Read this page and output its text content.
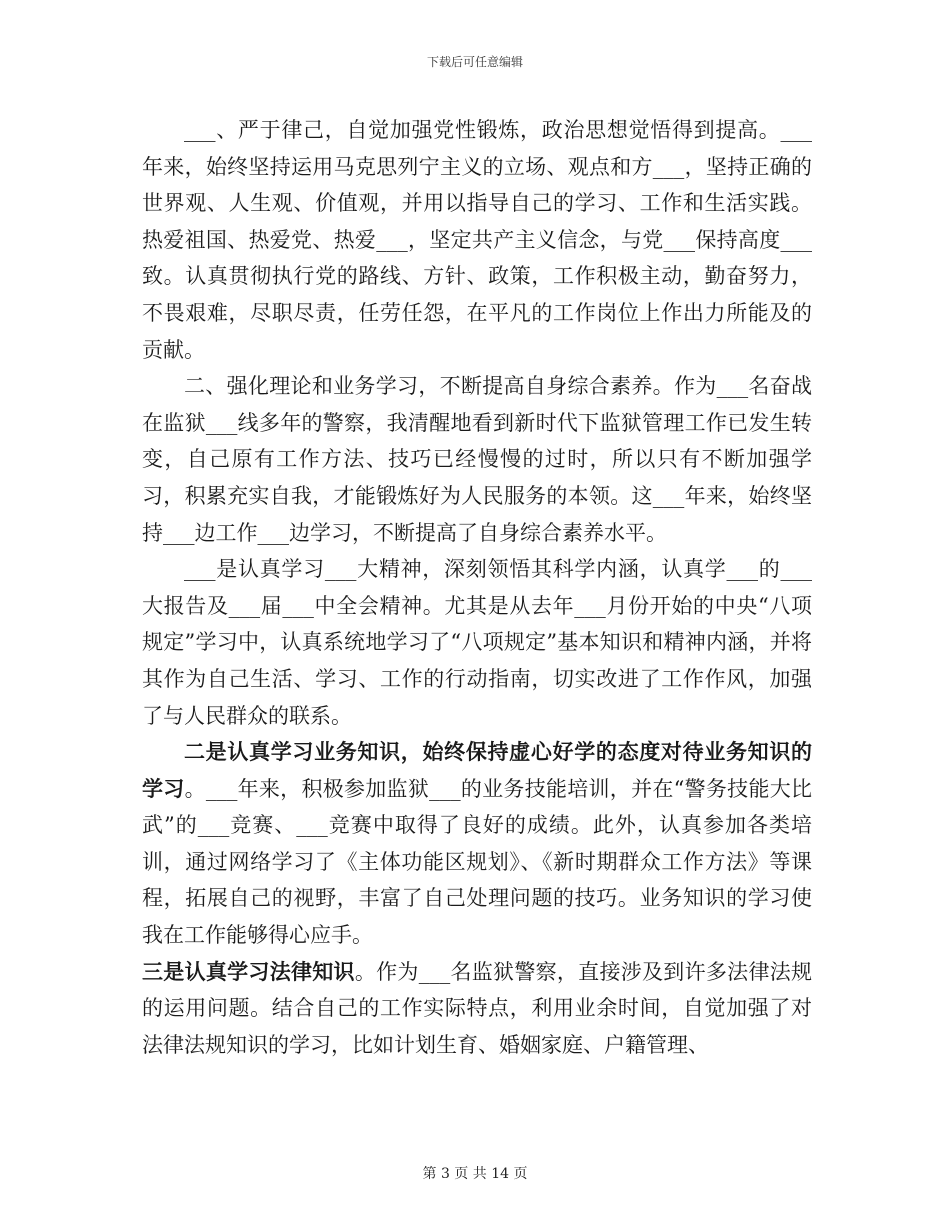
下载后可任意编辑

___、严于律己，自觉加强党性锻炼，政治思想觉悟得到提高。___年来，始终坚持运用马克思列宁主义的立场、观点和方___，坚持正确的世界观、人生观、价值观，并用以指导自己的学习、工作和生活实践。热爱祖国、热爱党、热爱___，坚定共产主义信念，与党___保持高度___致。认真贯彻执行党的路线、方针、政策，工作积极主动，勤奋努力，不畏艰难，尽职尽责，任劳任怨，在平凡的工作岗位上作出力所能及的贡献。

二、强化理论和业务学习，不断提高自身综合素养。作为___名奋战在监狱___线多年的警察，我清醒地看到新时代下监狱管理工作已发生转变，自己原有工作方法、技巧已经慢慢的过时，所以只有不断加强学习，积累充实自我，才能锻炼好为人民服务的本领。这___年来，始终坚持___边工作___边学习，不断提高了自身综合素养水平。

___是认真学习___大精神，深刻领悟其科学内涵，认真学___的___大报告及___届___中全会精神。尤其是从去年___月份开始的中央“八项规定”学习中，认真系统地学习了“八项规定”基本知识和精神内涵，并将其作为自己生活、学习、工作的行动指南，切实改进了工作作风，加强了与人民群众的联系。

二是认真学习业务知识，始终保持虚心好学的态度对待业务知识的学习。___年来，积极参加监狱___的业务技能培训，并在“警务技能大比武”的___竞赛、___竞赛中取得了良好的成绩。此外，认真参加各类培训，通过网络学习了《主体功能区规划》、《新时期群众工作方法》等课程，拓展自己的视野，丰富了自己处理问题的技巧。业务知识的学习使我在工作能够得心应手。

三是认真学习法律知识。作为___名监狱警察，直接涉及到许多法律法规的运用问题。结合自己的工作实际特点，利用业余时间，自觉加强了对法律法规知识的学习，比如计划生育、婚姻家庭、户籍管理、

第 3 页 共 14 页
